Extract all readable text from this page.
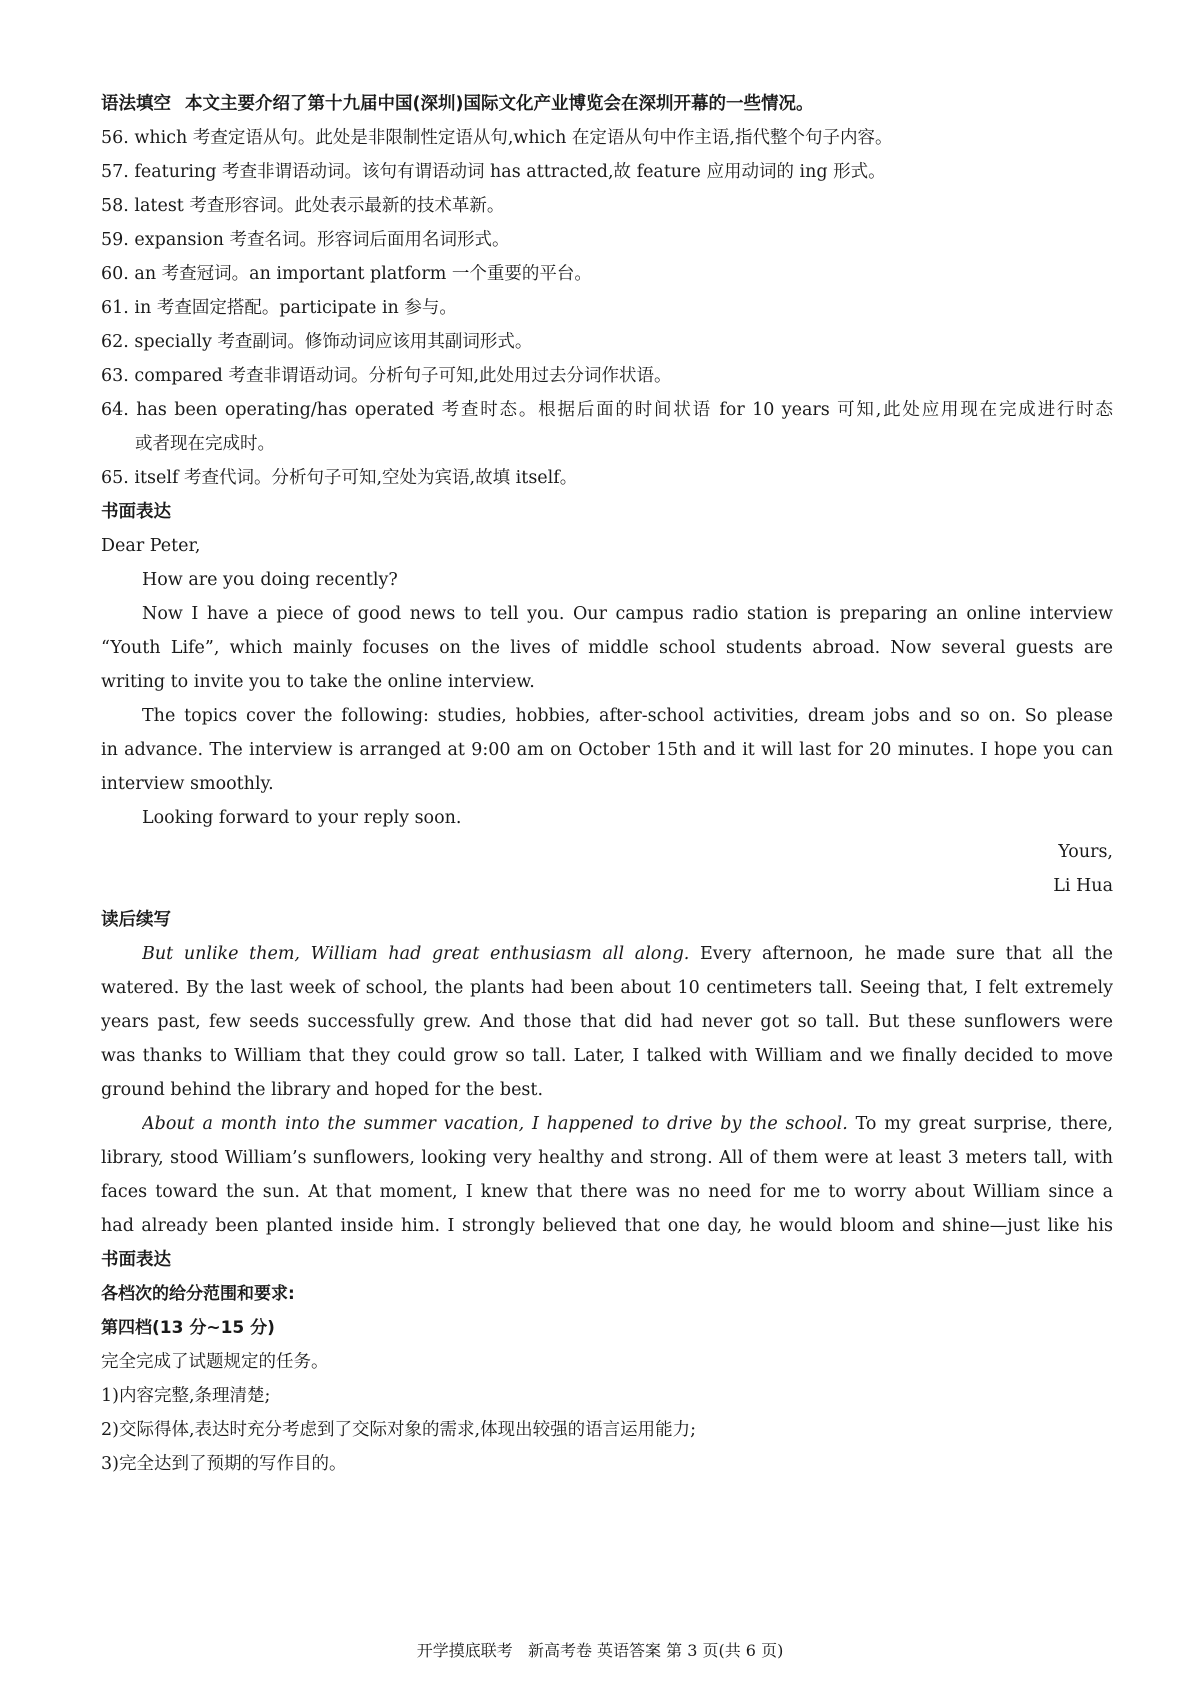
语法填空 本文主要介绍了第十九届中国(深圳)国际文化产业博览会在深圳开幕的一些情况。
56. which 考查定语从句。此处是非限制性定语从句,which 在定语从句中作主语,指代整个句子内容。
57. featuring 考查非谓语动词。该句有谓语动词 has attracted,故 feature 应用动词的 ing 形式。
58. latest 考查形容词。此处表示最新的技术革新。
59. expansion 考查名词。形容词后面用名词形式。
60. an 考查冠词。an important platform 一个重要的平台。
61. in 考查固定搭配。participate in 参与。
62. specially 考查副词。修饰动词应该用其副词形式。
63. compared 考查非谓语动词。分析句子可知,此处用过去分词作状语。
64. has been operating/has operated 考查时态。根据后面的时间状语 for 10 years 可知,此处应用现在完成进行时态
或者现在完成时。
65. itself 考查代词。分析句子可知,空处为宾语,故填 itself。
书面表达
Dear Peter,
How are you doing recently?
Now I have a piece of good news to tell you. Our campus radio station is preparing an online interview
“Youth Life”, which mainly focuses on the lives of middle school students abroad. Now several guests are
writing to invite you to take the online interview.
The topics cover the following: studies, hobbies, after-school activities, dream jobs and so on. So please
in advance. The interview is arranged at 9:00 am on October 15th and it will last for 20 minutes. I hope you can
interview smoothly.
Looking forward to your reply soon.
Yours,
Li Hua
读后续写
But unlike them, William had great enthusiasm all along. Every afternoon, he made sure that all the
watered. By the last week of school, the plants had been about 10 centimeters tall. Seeing that, I felt extremely
years past, few seeds successfully grew. And those that did had never got so tall. But these sunflowers were
was thanks to William that they could grow so tall. Later, I talked with William and we finally decided to move
ground behind the library and hoped for the best.
About a month into the summer vacation, I happened to drive by the school. To my great surprise, there,
library, stood William’s sunflowers, looking very healthy and strong. All of them were at least 3 meters tall, with
faces toward the sun. At that moment, I knew that there was no need for me to worry about William since a
had already been planted inside him. I strongly believed that one day, he would bloom and shine—just like his
书面表达
各档次的给分范围和要求:
第四档(13 分~15 分)
完全完成了试题规定的任务。
1)内容完整,条理清楚;
2)交际得体,表达时充分考虑到了交际对象的需求,体现出较强的语言运用能力;
3)完全达到了预期的写作目的。
开学摸底联考   新高考卷 英语答案 第 3 页(共 6 页)
